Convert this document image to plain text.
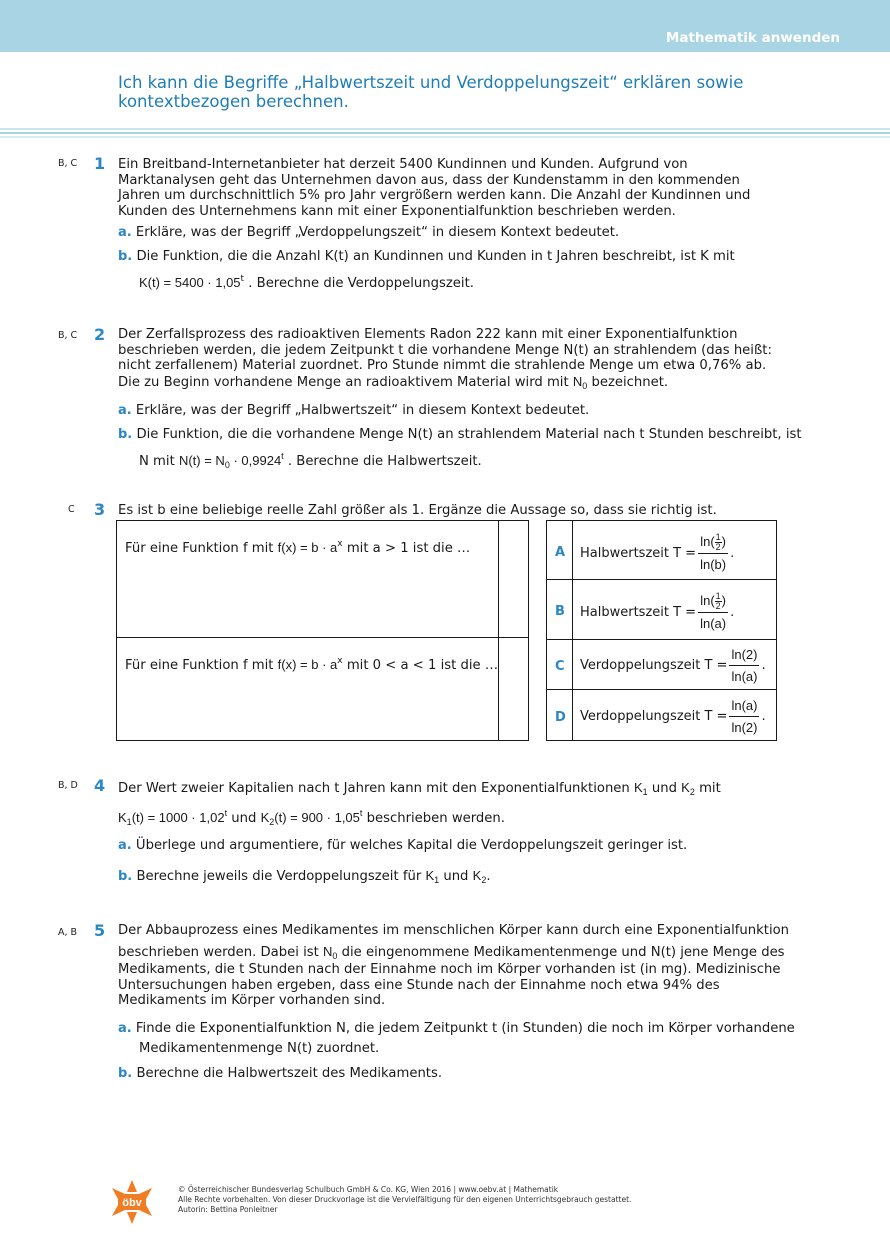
Mathematik anwenden
Ich kann die Begriffe „Halbwertszeit und Verdoppelungszeit“ erklären sowie kontextbezogen berechnen.
B, C 1 Ein Breitband-Internetanbieter hat derzeit 5400 Kundinnen und Kunden. Aufgrund von Marktanalysen geht das Unternehmen davon aus, dass der Kundenstamm in den kommenden Jahren um durchschnittlich 5% pro Jahr vergrößern werden kann. Die Anzahl der Kundinnen und Kunden des Unternehmens kann mit einer Exponentialfunktion beschrieben werden.
a. Erkläre, was der Begriff „Verdoppelungszeit“ in diesem Kontext bedeutet.
b. Die Funktion, die die Anzahl K(t) an Kundinnen und Kunden in t Jahren beschreibt, ist K mit
$K(t) = 5400 \cdot 1,05^t$ . Berechne die Verdoppelungszeit.
B, C 2 Der Zerfallsprozess des radioaktiven Elements Radon 222 kann mit einer Exponentialfunktion beschrieben werden, die jedem Zeitpunkt t die vorhandene Menge N(t) an strahlendem (das heißt: nicht zerfallenem) Material zuordnet. Pro Stunde nimmt die strahlende Menge um etwa 0,76% ab. Die zu Beginn vorhandene Menge an radioaktivem Material wird mit $N_0$ bezeichnet.
a. Erkläre, was der Begriff „Halbwertszeit“ in diesem Kontext bedeutet.
b. Die Funktion, die die vorhandene Menge N(t) an strahlendem Material nach t Stunden beschreibt, ist
N mit $N(t) = N_0 \cdot 0,9924^t$ . Berechne die Halbwertszeit.
C 3 Es ist b eine beliebige reelle Zahl größer als 1. Ergänze die Aussage so, dass sie richtig ist.
Für eine Funktion f mit $f(x) = b \cdot a^x$ mit a > 1 ist die …
Für eine Funktion f mit $f(x) = b \cdot a^x$ mit 0 < a < 1 ist die …
A
B
C
D
Halbwertszeit $T = \frac{\ln( \frac{1}{2} )}{\ln(b)}$ .
Halbwertszeit $T = \frac{\ln( \frac{1}{2} )}{\ln(a)}$ .
Verdoppelungszeit $T = \frac{\ln(2)}{\ln(a)}$ .
Verdoppelungszeit $T = \frac{\ln(a)}{\ln(2)}$ .
B, D 4 Der Wert zweier Kapitalien nach t Jahren kann mit den Exponentialfunktionen $K_1$ und $K_2$ mit
$K_1(t) = 1000 \cdot 1,02^t$ und $K_2(t) = 900 \cdot 1,05^t$ beschrieben werden.
a. Überlege und argumentiere, für welches Kapital die Verdoppelungszeit geringer ist.
b. Berechne jeweils die Verdoppelungszeit für $K_1$ und $K_2$.
A, B 5 Der Abbauprozess eines Medikamentes im menschlichen Körper kann durch eine Exponentialfunktion
beschrieben werden. Dabei ist $N_0$ die eingenommene Medikamentenmenge und N(t) jene Menge des
Medikaments, die t Stunden nach der Einnahme noch im Körper vorhanden ist (in mg). Medizinische Untersuchungen haben ergeben, dass eine Stunde nach der Einnahme noch etwa 94% des Medikaments im Körper vorhanden sind.
a. Finde die Exponentialfunktion N, die jedem Zeitpunkt t (in Stunden) die noch im Körper vorhandene
Medikamentenmenge N(t) zuordnet.
b. Berechne die Halbwertszeit des Medikaments.
öbv
© Österreichischer Bundesverlag Schulbuch GmbH & Co. KG, Wien 2016 | www.oebv.at | Mathematik
Alle Rechte vorbehalten. Von dieser Druckvorlage ist die Vervielfältigung für den eigenen Unterrichtsgebrauch gestattet.
Autorin: Bettina Ponleitner
